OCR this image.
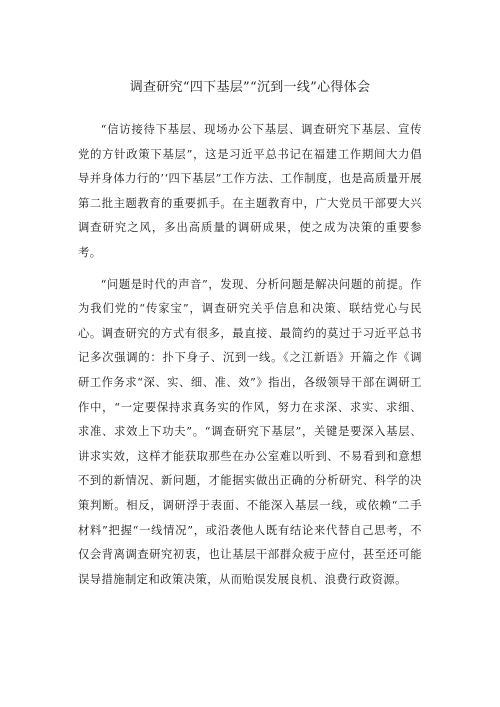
调查研究“四下基层”“沉到一线”心得体会

“信访接待下基层、现场办公下基层、调查研究下基层、宣传党的方针政策下基层”，这是习近平总书记在福建工作期间大力倡导并身体力行的’‘四下基层”工作方法、工作制度，也是高质量开展第二批主题教育的重要抓手。在主题教育中，广大党员干部要大兴调查研究之风，多出高质量的调研成果，使之成为决策的重要参考。

“问题是时代的声音”，发现、分析问题是解决问题的前提。作为我们党的“传家宝”，调查研究关乎信息和决策、联结党心与民心。调查研究的方式有很多，最直接、最简约的莫过于习近平总书记多次强调的：扑下身子、沉到一线。《之江新语》开篇之作《调研工作务求“深、实、细、准、效”》指出，各级领导干部在调研工作中，“一定要保持求真务实的作风，努力在求深、求实、求细、求准、求效上下功夫”。“调查研究下基层”，关键是要深入基层、讲求实效，这样才能获取那些在办公室难以听到、不易看到和意想不到的新情况、新问题，才能据实做出正确的分析研究、科学的决策判断。相反，调研浮于表面、不能深入基层一线，或依赖“二手材料”把握“一线情况”，或沿袭他人既有结论来代替自己思考，不仅会背离调查研究初衷，也让基层干部群众疲于应付，甚至还可能误导措施制定和政策决策，从而贻误发展良机、浪费行政资源。
